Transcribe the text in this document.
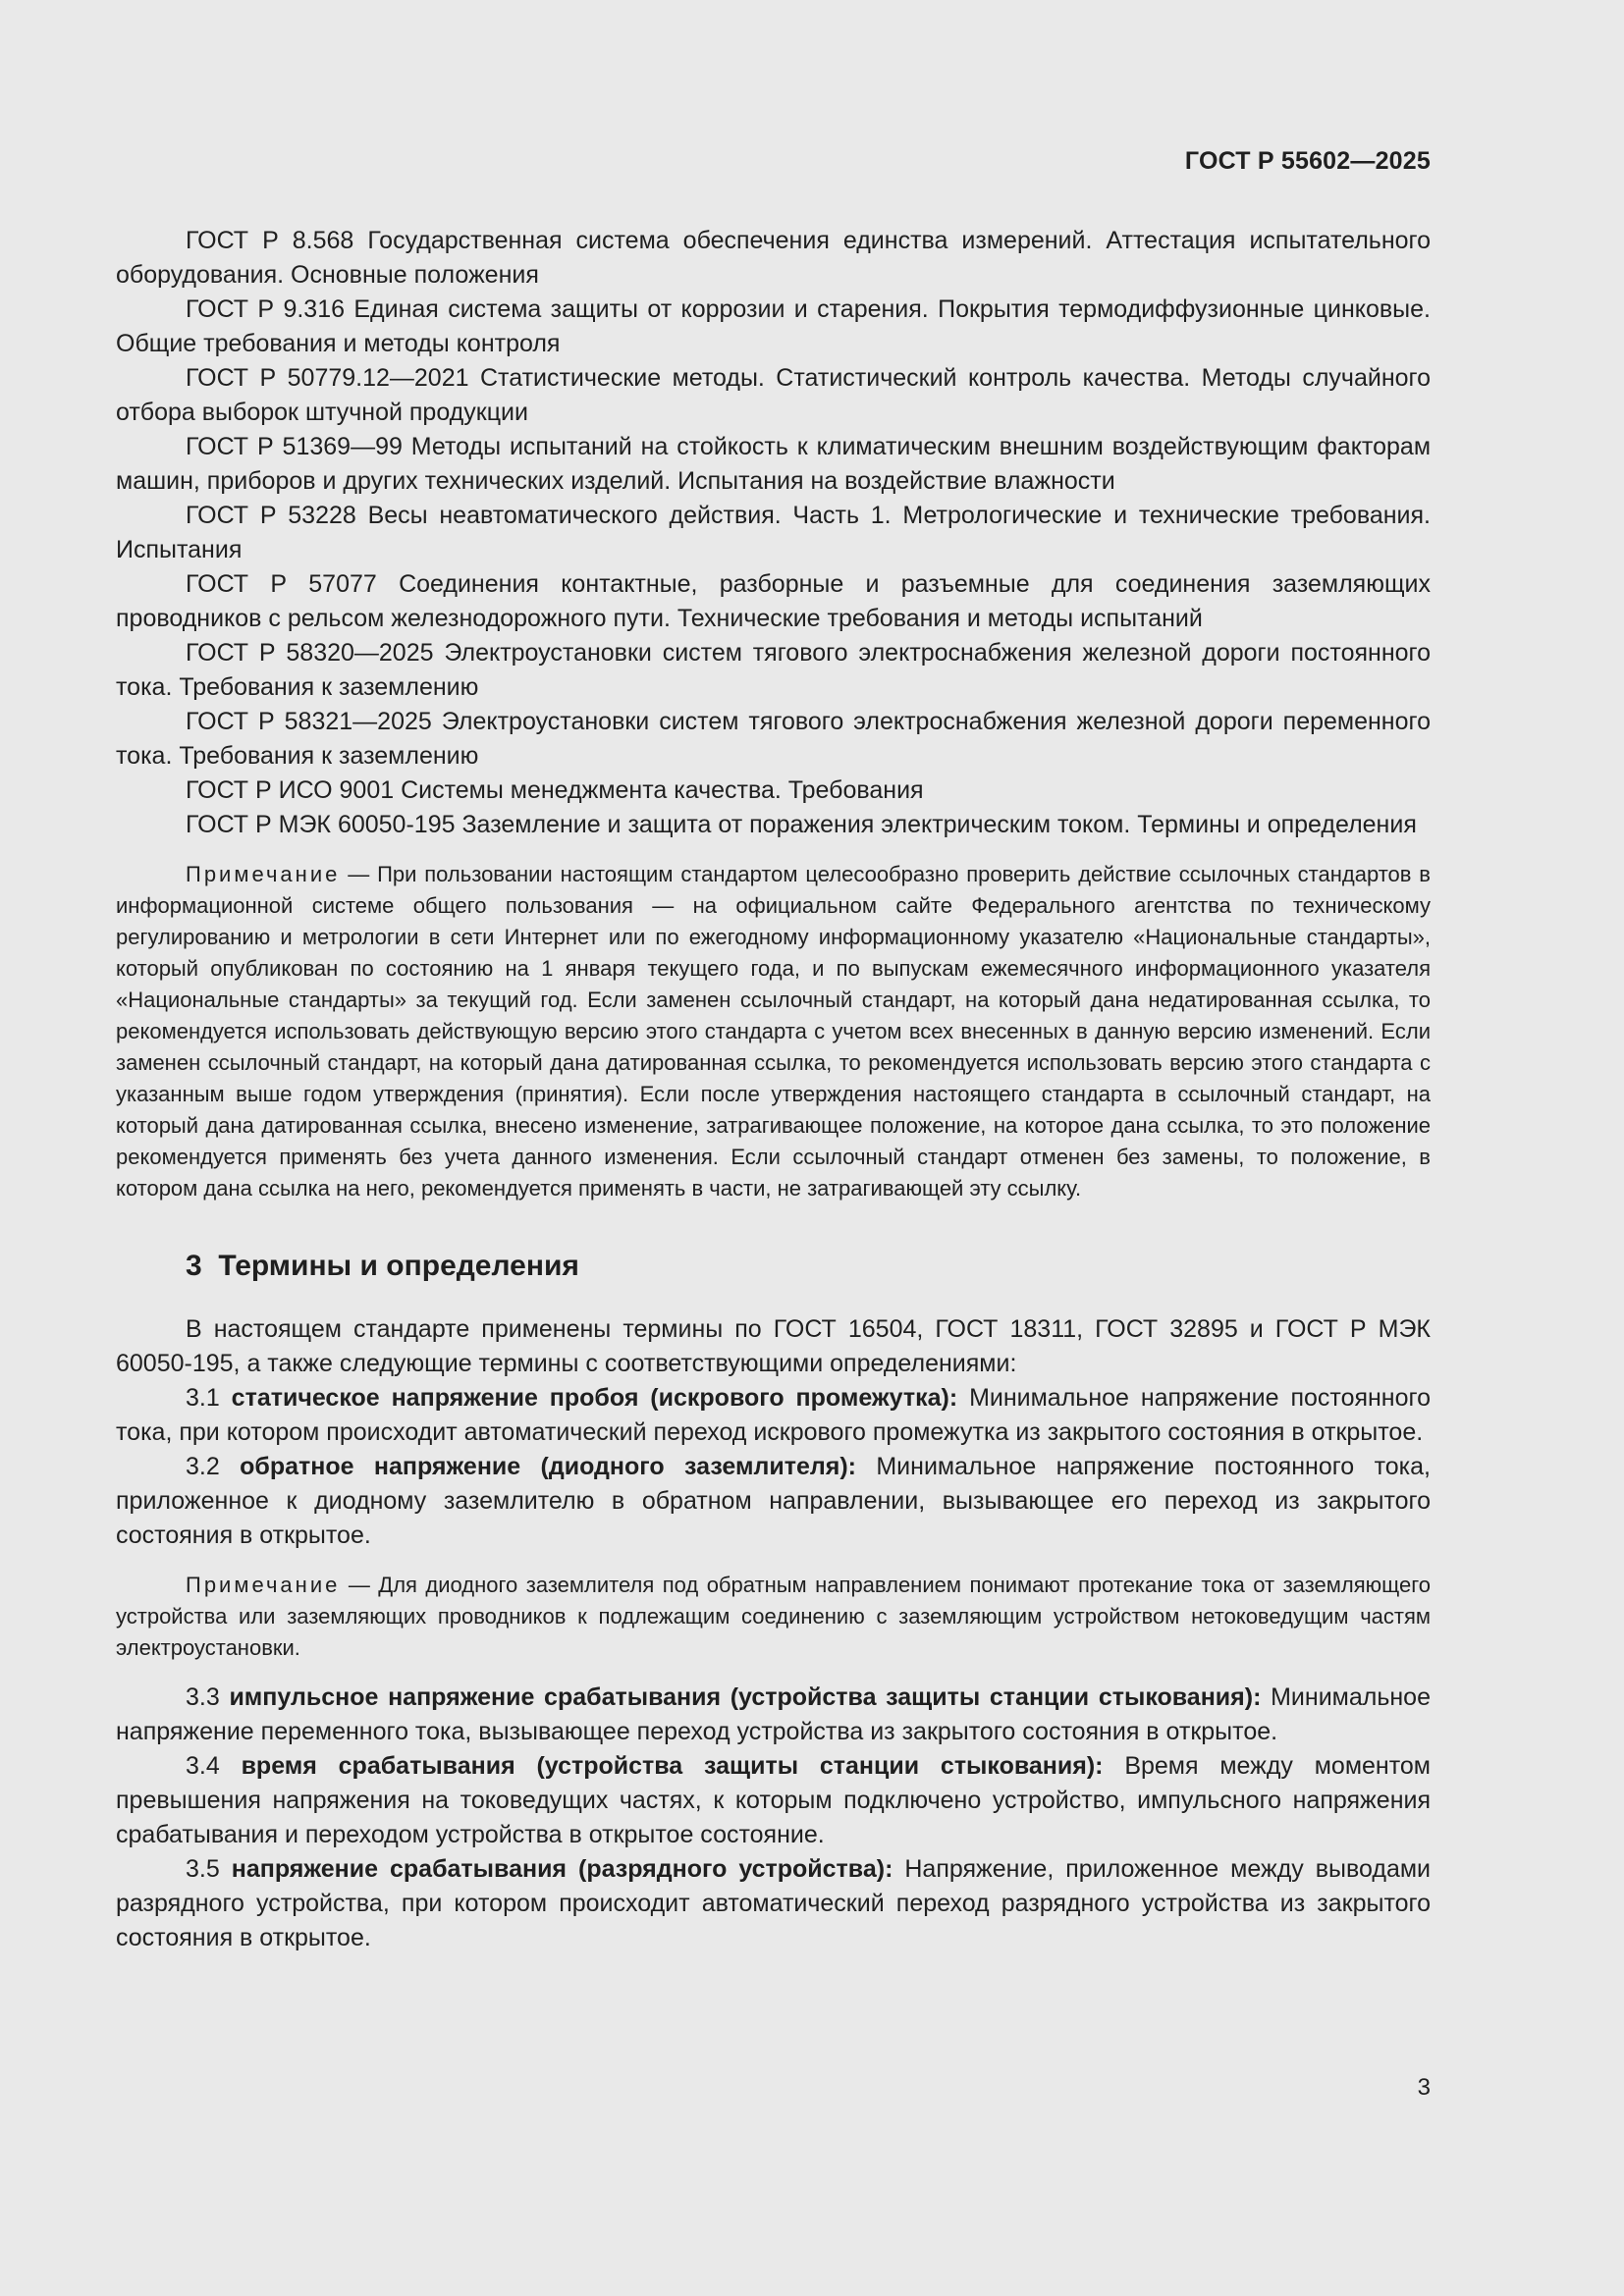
ГОСТ Р 55602—2025

ГОСТ Р 8.568 Государственная система обеспечения единства измерений. Аттестация испытательного оборудования. Основные положения

ГОСТ Р 9.316 Единая система защиты от коррозии и старения. Покрытия термодиффузионные цинковые. Общие требования и методы контроля

ГОСТ Р 50779.12—2021 Статистические методы. Статистический контроль качества. Методы случайного отбора выборок штучной продукции

ГОСТ Р 51369—99 Методы испытаний на стойкость к климатическим внешним воздействующим факторам машин, приборов и других технических изделий. Испытания на воздействие влажности

ГОСТ Р 53228 Весы неавтоматического действия. Часть 1. Метрологические и технические требования. Испытания

ГОСТ Р 57077 Соединения контактные, разборные и разъемные для соединения заземляющих проводников с рельсом железнодорожного пути. Технические требования и методы испытаний

ГОСТ Р 58320—2025 Электроустановки систем тягового электроснабжения железной дороги постоянного тока. Требования к заземлению

ГОСТ Р 58321—2025 Электроустановки систем тягового электроснабжения железной дороги переменного тока. Требования к заземлению

ГОСТ Р ИСО 9001 Системы менеджмента качества. Требования

ГОСТ Р МЭК 60050-195 Заземление и защита от поражения электрическим током. Термины и определения

Примечание — При пользовании настоящим стандартом целесообразно проверить действие ссылочных стандартов в информационной системе общего пользования — на официальном сайте Федерального агентства по техническому регулированию и метрологии в сети Интернет или по ежегодному информационному указателю «Национальные стандарты», который опубликован по состоянию на 1 января текущего года, и по выпускам ежемесячного информационного указателя «Национальные стандарты» за текущий год. Если заменен ссылочный стандарт, на который дана недатированная ссылка, то рекомендуется использовать действующую версию этого стандарта с учетом всех внесенных в данную версию изменений. Если заменен ссылочный стандарт, на который дана датированная ссылка, то рекомендуется использовать версию этого стандарта с указанным выше годом утверждения (принятия). Если после утверждения настоящего стандарта в ссылочный стандарт, на который дана датированная ссылка, внесено изменение, затрагивающее положение, на которое дана ссылка, то это положение рекомендуется применять без учета данного изменения. Если ссылочный стандарт отменен без замены, то положение, в котором дана ссылка на него, рекомендуется применять в части, не затрагивающей эту ссылку.

3 Термины и определения

В настоящем стандарте применены термины по ГОСТ 16504, ГОСТ 18311, ГОСТ 32895 и ГОСТ Р МЭК 60050-195, а также следующие термины с соответствующими определениями:

3.1 статическое напряжение пробоя (искрового промежутка): Минимальное напряжение постоянного тока, при котором происходит автоматический переход искрового промежутка из закрытого состояния в открытое.

3.2 обратное напряжение (диодного заземлителя): Минимальное напряжение постоянного тока, приложенное к диодному заземлителю в обратном направлении, вызывающее его переход из закрытого состояния в открытое.

Примечание — Для диодного заземлителя под обратным направлением понимают протекание тока от заземляющего устройства или заземляющих проводников к подлежащим соединению с заземляющим устройством нетоковедущим частям электроустановки.

3.3 импульсное напряжение срабатывания (устройства защиты станции стыкования): Минимальное напряжение переменного тока, вызывающее переход устройства из закрытого состояния в открытое.

3.4 время срабатывания (устройства защиты станции стыкования): Время между моментом превышения напряжения на токоведущих частях, к которым подключено устройство, импульсного напряжения срабатывания и переходом устройства в открытое состояние.

3.5 напряжение срабатывания (разрядного устройства): Напряжение, приложенное между выводами разрядного устройства, при котором происходит автоматический переход разрядного устройства из закрытого состояния в открытое.

3
